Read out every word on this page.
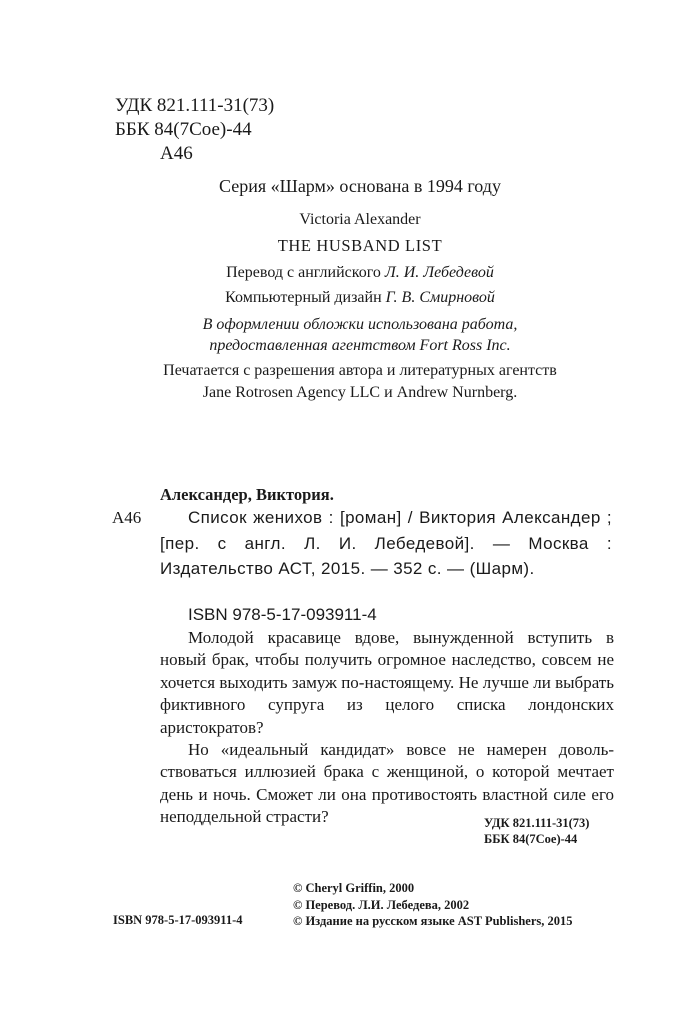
УДК 821.111-31(73)
ББК 84(7Сое)-44
А46
Серия «Шарм» основана в 1994 году
Victoria Alexander
THE HUSBAND LIST
Перевод с английского Л. И. Лебедевой
Компьютерный дизайн Г. В. Смирновой
В оформлении обложки использована работа,
предоставленная агентством Fort Ross Inc.
Печатается с разрешения автора и литературных агентств
Jane Rotrosen Agency LLC и Andrew Nurnberg.
Александер, Виктория.
А46	Список женихов : [роман] / Виктория Александер ; [пер. с англ. Л. И. Лебедевой]. — Москва : Издательство АСТ, 2015. — 352 с. — (Шарм).
ISBN 978-5-17-093911-4

Молодой красавице вдове, вынужденной вступить в новый брак, чтобы получить огромное наследство, совсем не хочется выходить замуж по-настоящему. Не лучше ли выбрать фиктивного супруга из целого списка лондонских аристократов?

Но «идеальный кандидат» вовсе не намерен довольствоваться иллюзией брака с женщиной, о которой мечтает день и ночь. Сможет ли она противостоять властной силе его неподдельной страсти?	УДК 821.111-31(73)
ББК 84(7Сое)-44
© Cheryl Griffin, 2000
© Перевод. Л.И. Лебедева, 2002
© Издание на русском языке AST Publishers, 2015
ISBN 978-5-17-093911-4
